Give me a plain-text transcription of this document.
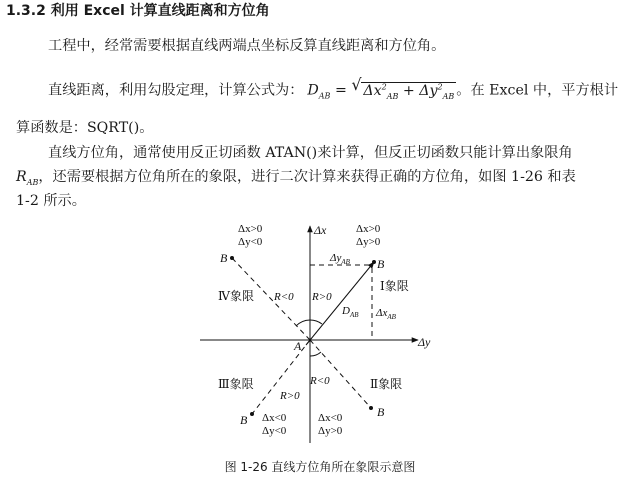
1.3.2 利用 Excel 计算直线距离和方位角
工程中，经常需要根据直线两端点坐标反算直线距离和方位角。
直线距离，利用勾股定理，计算公式为： $D_{AB}$ = √ $\Delta x^2_{AB} + \Delta y^2_{AB}$ 。在 Excel 中，平方根计
算函数是：SQRT()。
直线方位角，通常使用反正切函数 ATAN()来计算，但反正切函数只能计算出象限角
$R_{AB}$，还需要根据方位角所在的象限，进行二次计算来获得正确的方位角，如图 1-26 和表
1-2 所示。
Δx
Δy
A
B
B
B
B
$\Delta y_{AB}$
$\Delta x_{AB}$
$D_{AB}$
Ⅰ象限
Ⅳ象限
Ⅲ象限	Ⅱ象限
R>0
R<0
R<0
R>0
Δx>0
Δy>0
Δx>0
Δy<0
Δx<0
Δy<0
Δx<0
Δy>0
图 1-26 直线方位角所在象限示意图
